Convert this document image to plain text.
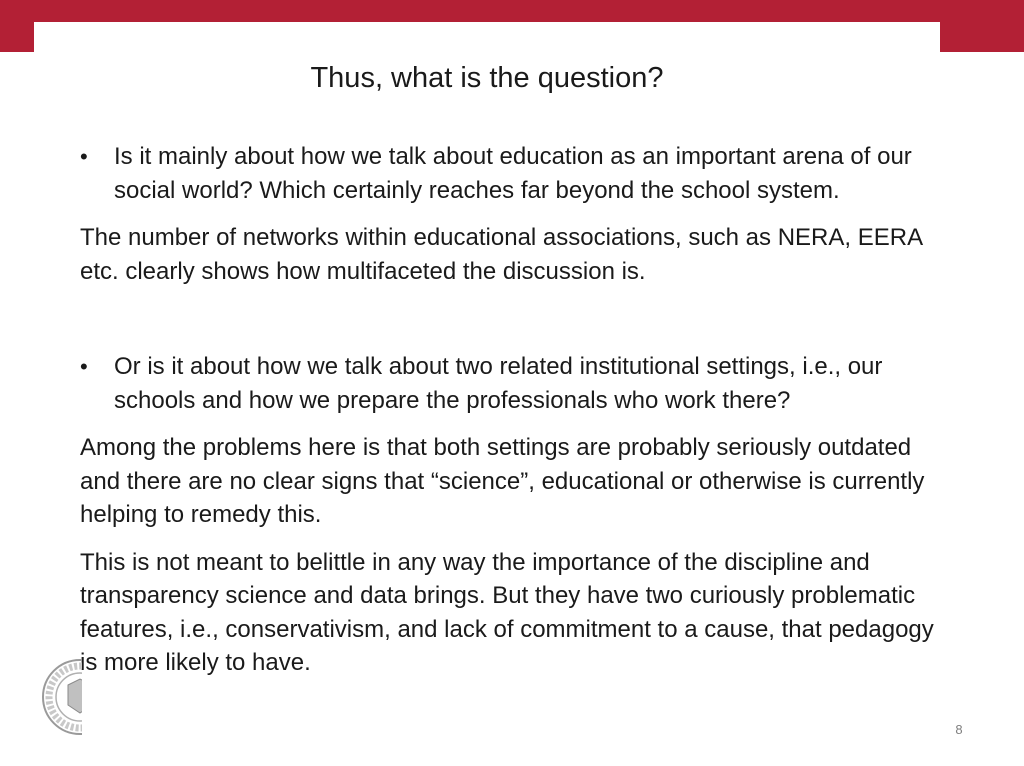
Thus, what is the question?
• Is it mainly about how we talk about education as an important arena of our social world? Which certainly reaches far beyond the school system.
The number of networks within educational associations, such as NERA, EERA etc. clearly shows how multifaceted the discussion is.
• Or is it about how we talk about two related institutional settings, i.e., our schools and how we prepare the professionals who work there?
Among the problems here is that both settings are probably seriously outdated and there are no clear signs that “science”, educational or otherwise is currently helping to remedy this.
This is not meant to belittle in any way the importance of the discipline and transparency science and data brings. But they have two curiously problematic features, i.e., conservativism, and lack of commitment to a cause, that pedagogy is more likely to have.
8
